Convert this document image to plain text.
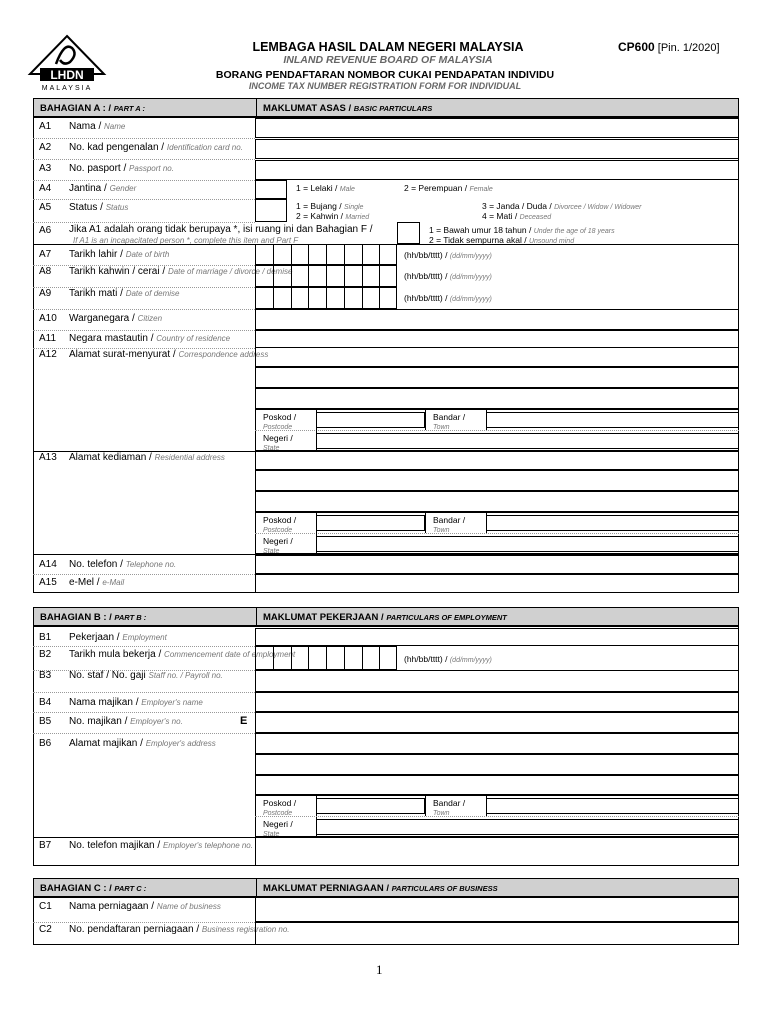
LHDN
MALAYSIA
LEMBAGA HASIL DALAM NEGERI MALAYSIA
INLAND REVENUE BOARD OF MALAYSIA
BORANG PENDAFTARAN NOMBOR CUKAI PENDAPATAN INDIVIDU
INCOME TAX NUMBER REGISTRATION FORM FOR INDIVIDUAL
CP600 [Pin. 1/2020]
BAHAGIAN A : / PART A :	MAKLUMAT ASAS / BASIC PARTICULARS
BAHAGIAN B : / PART B :	MAKLUMAT PEKERJAAN / PARTICULARS OF EMPLOYMENT
BAHAGIAN C : / PART C :	MAKLUMAT PERNIAGAAN / PARTICULARS OF BUSINESS
A1 Nama / Name
A2 No. kad pengenalan / Identification card no.
A3 No. pasport / Passport no.
A4 Jantina / Gender	1 = Lelaki / Male	2 = Perempuan / Female
A5 Status / Status	1 = Bujang / Single
2 = Kahwin / Married
3 = Janda / Duda / Divorcee / Widow / Widower
4 = Mati / Deceased
A6 Jika A1 adalah orang tidak berupaya *, isi ruang ini dan Bahagian F /
If A1 is an incapacitated person *, complete this item and Part F
1 = Bawah umur 18 tahun / Under the age of 18 years
2 = Tidak sempurna akal / Unsound mind
A7 Tarikh lahir / Date of birth	(hh/bb/tttt) / (dd/mm/yyyy)
A8 Tarikh kahwin / cerai / Date of marriage / divorce / demise	(hh/bb/tttt) / (dd/mm/yyyy)
A9 Tarikh mati / Date of demise	(hh/bb/tttt) / (dd/mm/yyyy)
A10 Warganegara / Citizen
A11 Negara mastautin / Country of residence
A12 Alamat surat-menyurat / Correspondence address
Poskod /
Postcode
Bandar /
Town
Negeri /
State
A13 Alamat kediaman / Residential address
Poskod /
Postcode
Bandar /
Town
Negeri /
State
A14 No. telefon / Telephone no.
A15 e-Mel / e-Mail
B1 Pekerjaan / Employment
B2 Tarikh mula bekerja / Commencement date of employment	(hh/bb/tttt) / (dd/mm/yyyy)
B3 No. staf / No. gaji Staff no. / Payroll no.
B4 Nama majikan / Employer's name
B5 No. majikan / Employer's no.	E
B6 Alamat majikan / Employer's address
Poskod /
Postcode
Bandar /
Town
Negeri /
State
B7 No. telefon majikan / Employer's telephone no.
C1 Nama perniagaan / Name of business
C2 No. pendaftaran perniagaan / Business registration no.
1
